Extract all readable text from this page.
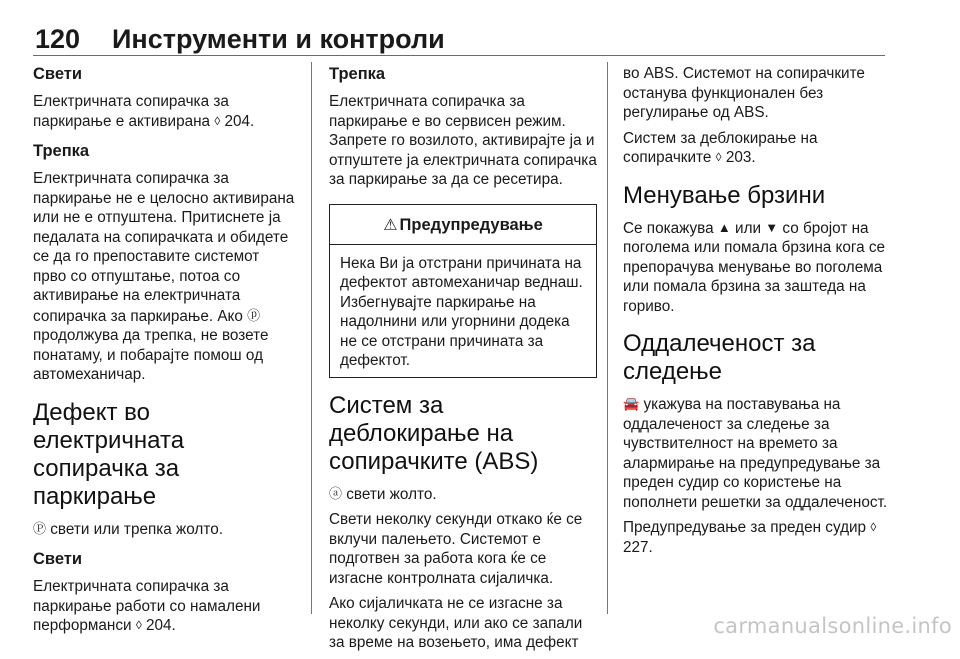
120 Инструменти и контроли
Свети
Електричната сопирачка за паркирање е активирана ◊ 204.
Трепка
Електричната сопирачка за паркирање не е целосно активирана или не е отпуштена. Притиснете ја педалата на сопирачката и обидете се да го препоставите системот прво со отпуштање, потоа со активирање на електричната сопирачка за паркирање. Ако ⓟ продолжува да трепка, не возете понатаму, и побарајте помош од автомеханичар.
Дефект во електричната сопирачка за паркирање
Ⓟ свети или трепка жолто.
Свети
Електричната сопирачка за паркирање работи со намалени перформанси ◊ 204.
Трепка
Електричната сопирачка за паркирање е во сервисен режим. Запрете го возилото, активирајте ја и отпуштете ја електричната сопирачка за паркирање за да се ресетира.
⚠ Предупредување
Нека Ви ја отстрани причината на дефектот автомеханичар веднаш. Избегнувајте паркирање на надолнини или угорнини додека не се отстрани причината за дефектот.
Систем за деблокирање на сопирачките (ABS)
ⓐ свети жолто.
Свети неколку секунди откако ќе се вклучи палењето. Системот е подготвен за работа кога ќе се изгасне контролната сијаличка.
Ако сијаличката не се изгасне за неколку секунди, или ако се запали за време на возењето, има дефект
во ABS. Системот на сопирачките останува функционален без регулирање од ABS.
Систем за деблокирање на сопирачките ◊ 203.
Менување брзини
Се покажува ▲ или ▼ со бројот на поголема или помала брзина кога се препорачува менување во поголема или помала брзина за заштеда на гориво.
Оддалеченост за следење
🚘 укажува на поставувања на оддалеченост за следење за чувствителност на времето за алармирање на предупредување за преден судир со користење на пополнети решетки за оддалеченост.
Предупредување за преден судир ◊ 227.
carmanualsonline.info
